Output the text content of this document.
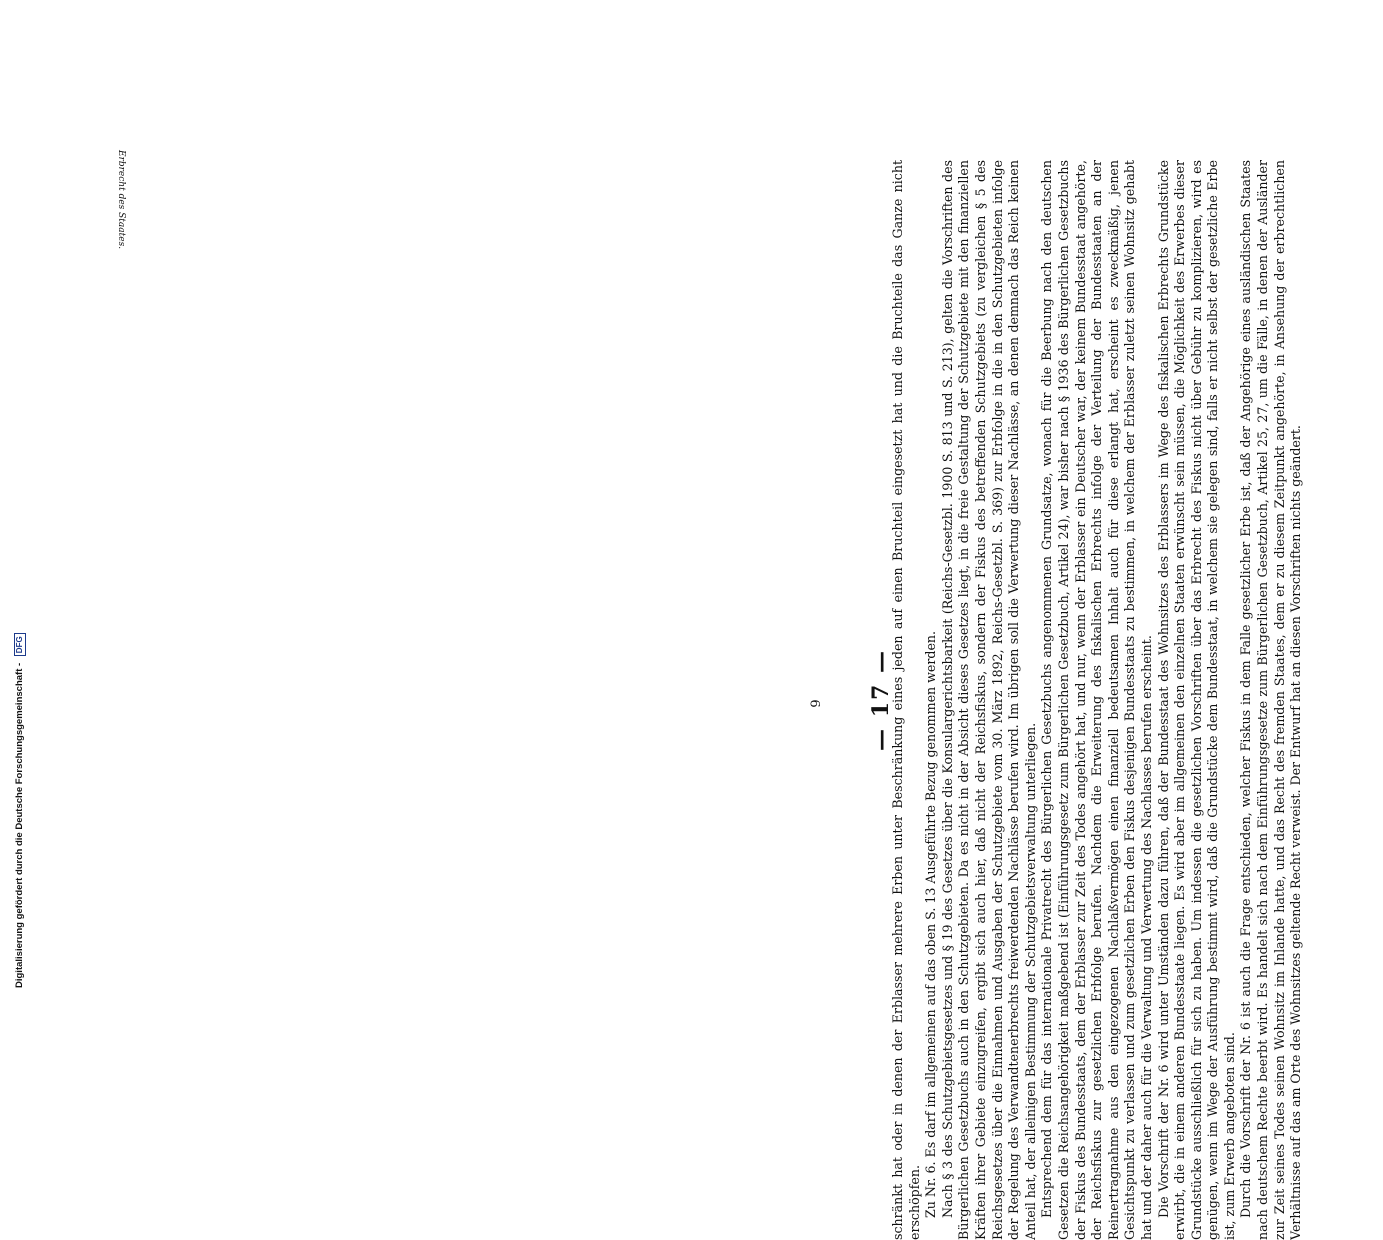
— 17 —

schränkt hat oder in denen der Erblasser mehrere Erben unter Beschränkung eines jeden auf einen Bruchteil eingesetzt hat und die Bruchteile das Ganze nicht erschöpfen. Zu Nr. 6. Es darf im allgemeinen auf das oben S. 13 Ausgeführte Bezug genommen werden. Nach § 3 des Schutzgebietsgesetzes und § 19 des Gesetzes über die Konsulargerichtsbarkeit (Reichs-Gesetzbl. 1900 S. 813 und S. 213), gelten die Vorschriften des Bürgerlichen Gesetzbuchs auch in den Schutzgebieten. Da es nicht in der Absicht dieses Gesetzes liegt, in die freie Gestaltung der Schutzgebiete mit den finanziellen Kräften ihrer Gebiete einzugreifen, ergibt sich auch hier, daß nicht der Reichsfiskus, sondern der Fiskus des betreffenden Schutzgebiets (zu vergleichen § 5 des Reichsgesetzes über die Einnahmen und Ausgaben der Schutzgebiete vom 30. März 1892, Reichs-Gesetzbl. S. 369) zur Erbfolge in die in den Schutzgebieten infolge der Regelung des Verwandtenerbrechts freiwerdenden Nachlässe berufen wird. Im übrigen soll die Verwertung dieser Nachlässe, an denen demnach das Reich keinen Anteil hat, der alleinigen Bestimmung der Schutzgebietsverwaltung unterliegen. Entsprechend dem für das internationale Privatrecht des Bürgerlichen Gesetzbuchs angenommenen Grundsatze, wonach für die Beerbung nach den deutschen Gesetzen die Reichsangehörigkeit maßgebend ist (Einführungsgesetz zum Bürgerlichen Gesetzbuch, Artikel 24), war bisher nach § 1936 des Bürgerlichen Gesetzbuchs der Fiskus des Bundesstaats, dem der Erblasser zur Zeit des Todes angehört hat, und nur, wenn der Erblasser ein Deutscher war, der keinem Bundesstaat angehörte, der Reichsfiskus zur gesetzlichen Erbfolge berufen. Nachdem die Erweiterung des fiskalischen Erbrechts infolge der Verteilung der Bundesstaaten an der Reinertragnahme aus den eingezogenen Nachlaßvermögen einen finanziell bedeutsamen Inhalt auch für diese erlangt hat, erscheint es zweckmäßig, jenen Gesichtspunkt zu verlassen und zum gesetzlichen Erben den Fiskus desjenigen Bundesstaats zu bestimmen, in welchem der Erblasser zuletzt seinen Wohnsitz gehabt hat und der daher auch für die Verwaltung und Verwertung des Nachlasses berufen erscheint. Die Vorschrift der Nr. 6 wird unter Umständen dazu führen, daß der Bundesstaat des Wohnsitzes des Erblassers im Wege des fiskalischen Erbrechts Grundstücke erwirbt, die in einem anderen Bundesstaate liegen. Es wird aber im allgemeinen den einzelnen Staaten erwünscht sein müssen, die Möglichkeit des Erwerbes dieser Grundstücke ausschließlich für sich zu haben. Um indessen die gesetzlichen Vorschriften über das Erbrecht des Fiskus nicht über Gebühr zu komplizieren, wird es genügen, wenn im Wege der Ausführung bestimmt wird, daß die Grundstücke dem Bundesstaat, in welchem sie gelegen sind, falls er nicht selbst der gesetzliche Erbe ist, zum Erwerb angeboten sind. Durch die Vorschrift der Nr. 6 ist auch die Frage entschieden, welcher Fiskus in dem Falle gesetzlicher Erbe ist, daß der Angehörige eines ausländischen Staates nach deutschem Rechte beerbt wird. Es handelt sich nach dem Einführungsgesetze zum Bürgerlichen Gesetzbuch, Artikel 25, 27, um die Fälle, in denen der Ausländer zur Zeit seines Todes seinen Wohnsitz im Inlande hatte, und das Recht des fremden Staates, dem er zu diesem Zeitpunkt angehörte, in Ansehung der erbrechtlichen Verhältnisse auf das am Orte des Wohnsitzes geltende Recht verweist. Der Entwurf hat an diesen Vorschriften nichts geändert.

Erbrecht des Staates.
6
Digitalisierung gefördert durch die Deutsche Forschungsgemeinschaft - DFG
